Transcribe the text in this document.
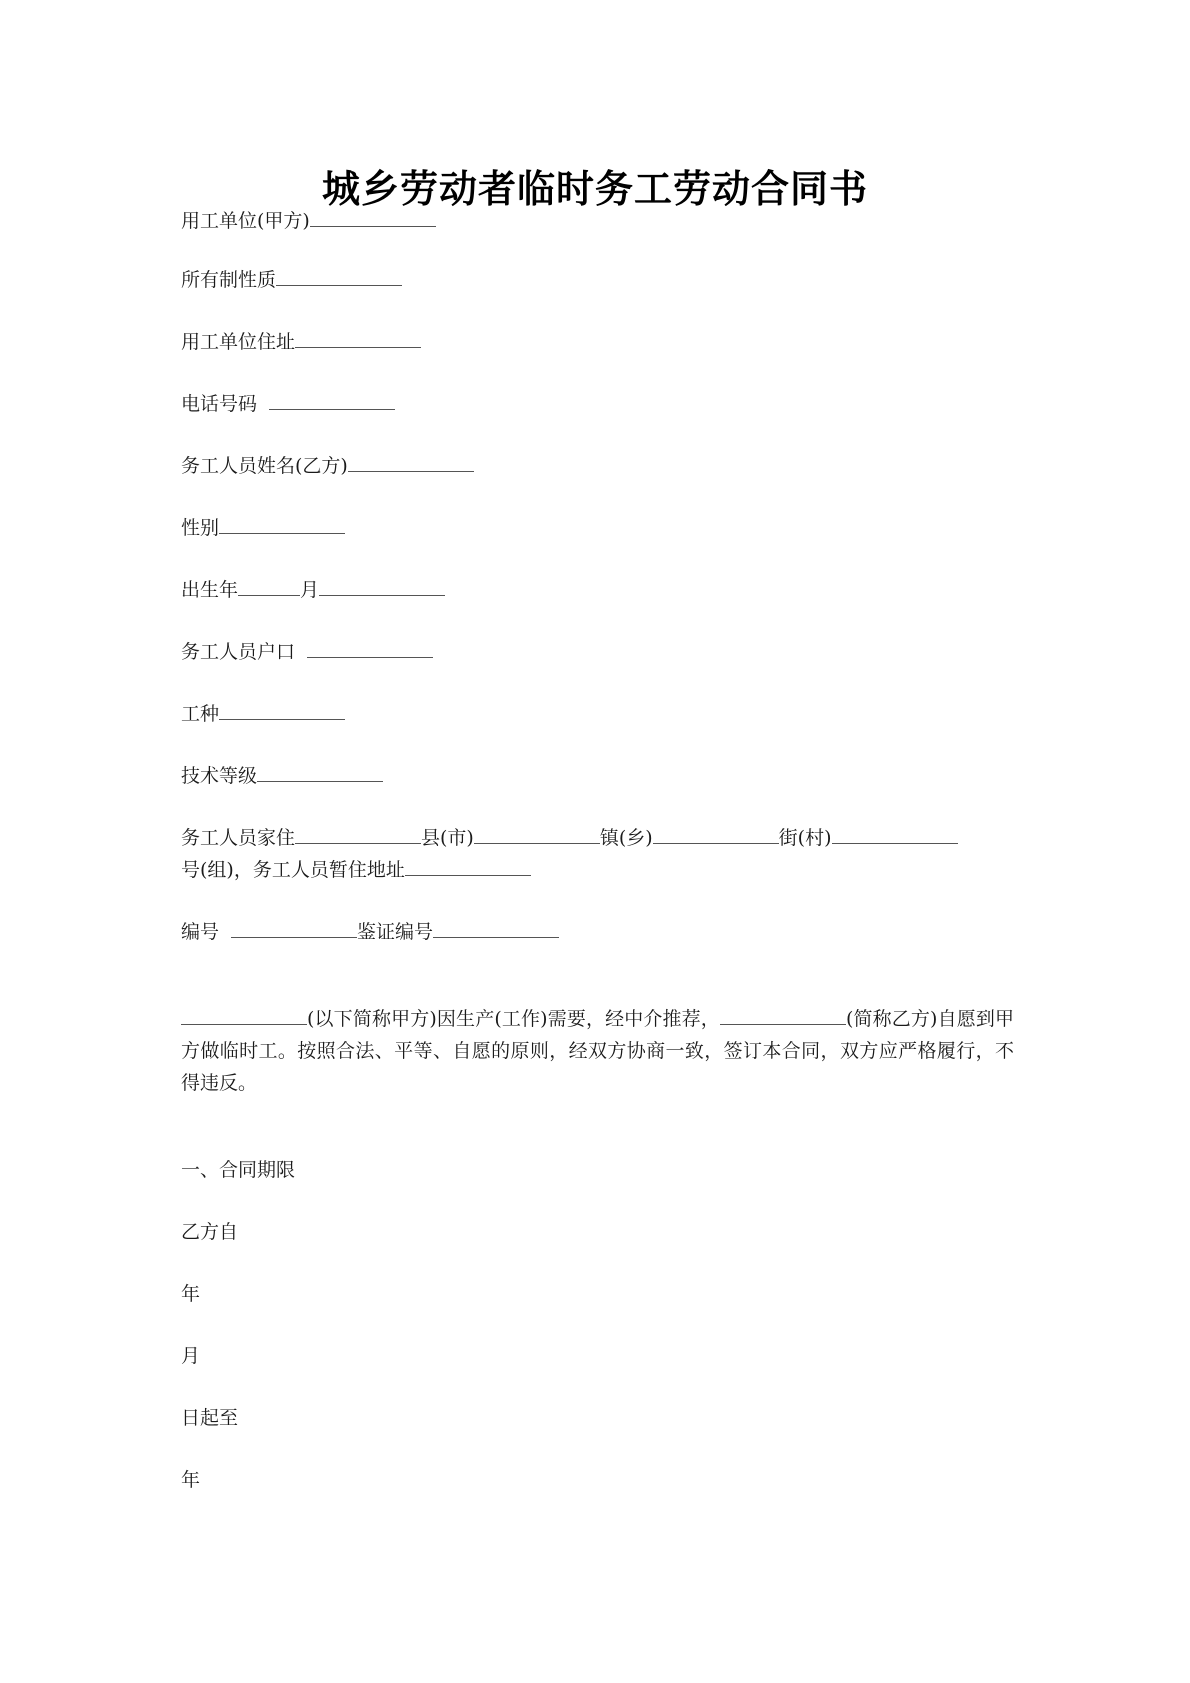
城乡劳动者临时务工劳动合同书
用工单位(甲方)
所有制性质
用工单位住址
电话号码
务工人员姓名(乙方)
性别
出生年	月
务工人员户口
工种
技术等级
务工人员家住	县(市)	镇(乡)	街(村)
号(组)，务工人员暂住地址
编号	鉴证编号
(以下简称甲方)因生产(工作)需要，经中介推荐，	(简称乙方)自愿到甲方做临时工。按照合法、平等、自愿的原则，经双方协商一致，签订本合同，双方应严格履行，不得违反。
一、合同期限
乙方自
年
月
日起至
年
